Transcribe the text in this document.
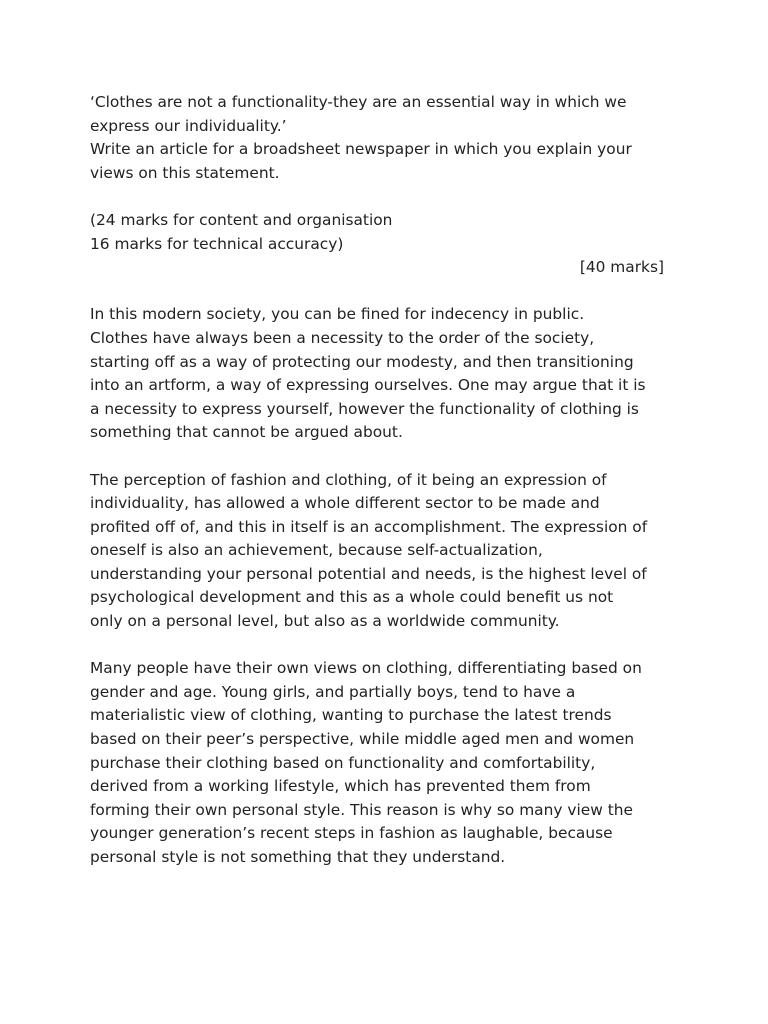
‘Clothes are not a functionality-they are an essential way in which we
express our individuality.’
Write an article for a broadsheet newspaper in which you explain your
views on this statement.
(24 marks for content and organisation
16 marks for technical accuracy)
[40 marks]
In this modern society, you can be fined for indecency in public.
Clothes have always been a necessity to the order of the society,
starting off as a way of protecting our modesty, and then transitioning
into an artform, a way of expressing ourselves. One may argue that it is
a necessity to express yourself, however the functionality of clothing is
something that cannot be argued about.
The perception of fashion and clothing, of it being an expression of
individuality, has allowed a whole different sector to be made and
profited off of, and this in itself is an accomplishment. The expression of
oneself is also an achievement, because self-actualization,
understanding your personal potential and needs, is the highest level of
psychological development and this as a whole could benefit us not
only on a personal level, but also as a worldwide community.
Many people have their own views on clothing, differentiating based on
gender and age. Young girls, and partially boys, tend to have a
materialistic view of clothing, wanting to purchase the latest trends
based on their peer’s perspective, while middle aged men and women
purchase their clothing based on functionality and comfortability,
derived from a working lifestyle, which has prevented them from
forming their own personal style. This reason is why so many view the
younger generation’s recent steps in fashion as laughable, because
personal style is not something that they understand.
